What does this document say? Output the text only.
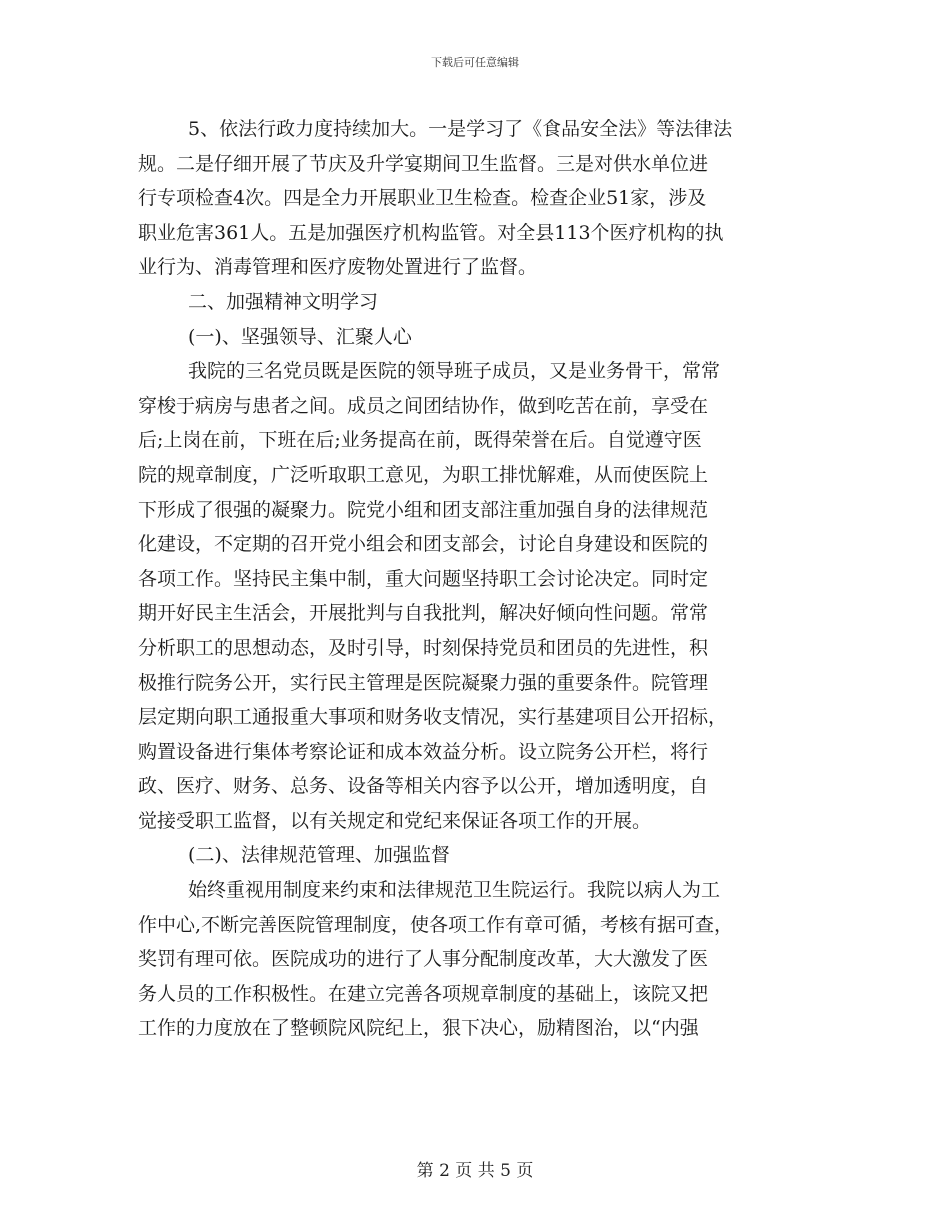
下载后可任意编辑
5、依法行政力度持续加大。一是学习了《食品安全法》等法律法
规。二是仔细开展了节庆及升学宴期间卫生监督。三是对供水单位进
行专项检查4次。四是全力开展职业卫生检查。检查企业51家，涉及
职业危害361人。五是加强医疗机构监管。对全县113个医疗机构的执
业行为、消毒管理和医疗废物处置进行了监督。
二、加强精神文明学习
(一)、坚强领导、汇聚人心
我院的三名党员既是医院的领导班子成员，又是业务骨干，常常
穿梭于病房与患者之间。成员之间团结协作，做到吃苦在前，享受在
后;上岗在前，下班在后;业务提高在前，既得荣誉在后。自觉遵守医
院的规章制度，广泛听取职工意见，为职工排忧解难，从而使医院上
下形成了很强的凝聚力。院党小组和团支部注重加强自身的法律规范
化建设，不定期的召开党小组会和团支部会，讨论自身建设和医院的
各项工作。坚持民主集中制，重大问题坚持职工会讨论决定。同时定
期开好民主生活会，开展批判与自我批判，解决好倾向性问题。常常
分析职工的思想动态，及时引导，时刻保持党员和团员的先进性，积
极推行院务公开，实行民主管理是医院凝聚力强的重要条件。院管理
层定期向职工通报重大事项和财务收支情况，实行基建项目公开招标，
购置设备进行集体考察论证和成本效益分析。设立院务公开栏，将行
政、医疗、财务、总务、设备等相关内容予以公开，增加透明度，自
觉接受职工监督，以有关规定和党纪来保证各项工作的开展。
(二)、法律规范管理、加强监督
始终重视用制度来约束和法律规范卫生院运行。我院以病人为工
作中心,不断完善医院管理制度，使各项工作有章可循，考核有据可查，
奖罚有理可依。医院成功的进行了人事分配制度改革，大大激发了医
务人员的工作积极性。在建立完善各项规章制度的基础上，该院又把
工作的力度放在了整顿院风院纪上，狠下决心，励精图治，以“内强
第 2 页 共 5 页
